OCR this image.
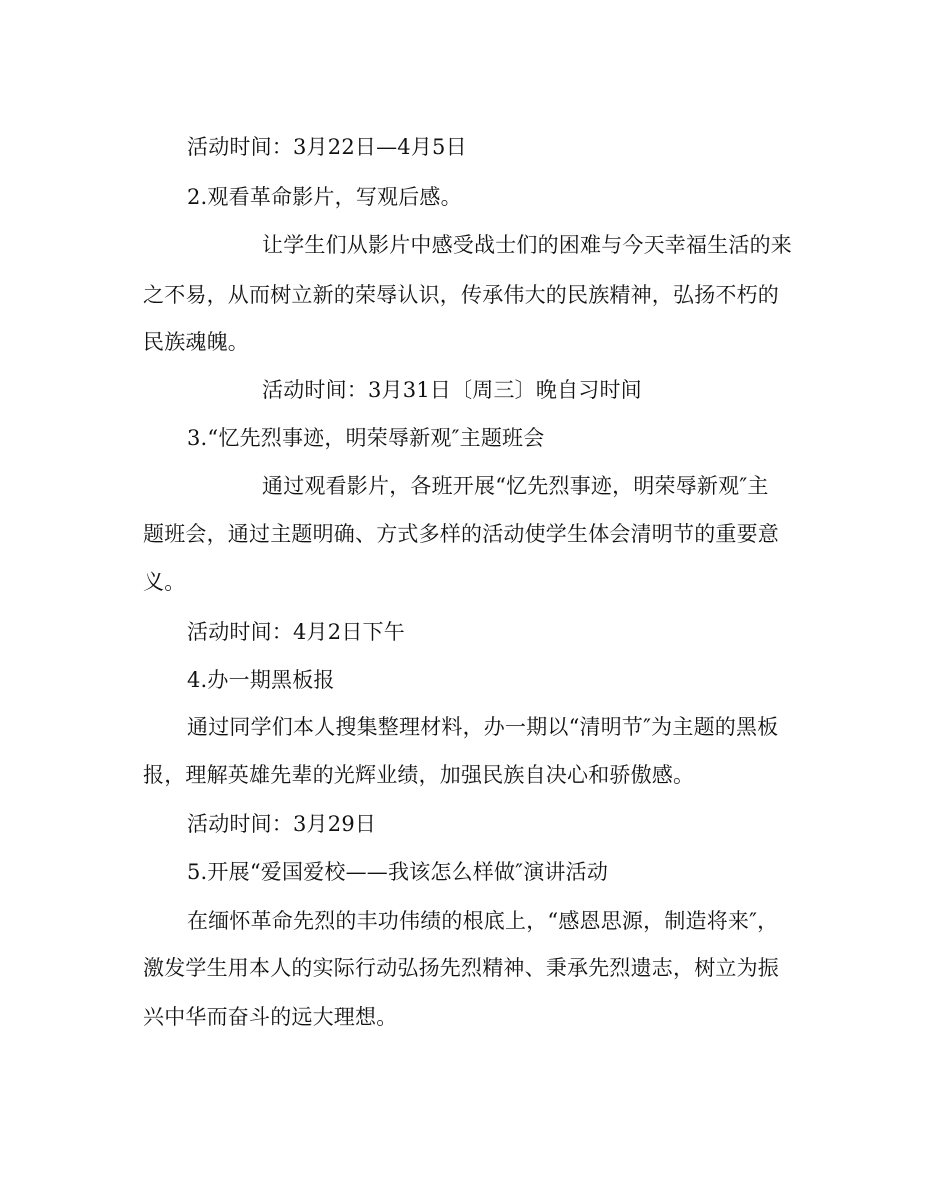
活动时间：3月22日—4月5日
2.观看革命影片，写观后感。
让学生们从影片中感受战士们的困难与今天幸福生活的来
之不易，从而树立新的荣辱认识，传承伟大的民族精神，弘扬不朽的
民族魂魄。
活动时间：3月31日〔周三〕晚自习时间
3.“忆先烈事迹，明荣辱新观″主题班会
通过观看影片，各班开展“忆先烈事迹，明荣辱新观″主
题班会，通过主题明确、方式多样的活动使学生体会清明节的重要意
义。
活动时间：4月2日下午
4.办一期黑板报
通过同学们本人搜集整理材料，办一期以“清明节″为主题的黑板
报，理解英雄先辈的光辉业绩，加强民族自决心和骄傲感。
活动时间：3月29日
5.开展“爱国爱校——我该怎么样做″演讲活动
在缅怀革命先烈的丰功伟绩的根底上，“感恩思源，制造将来″，
激发学生用本人的实际行动弘扬先烈精神、秉承先烈遗志，树立为振
兴中华而奋斗的远大理想。
